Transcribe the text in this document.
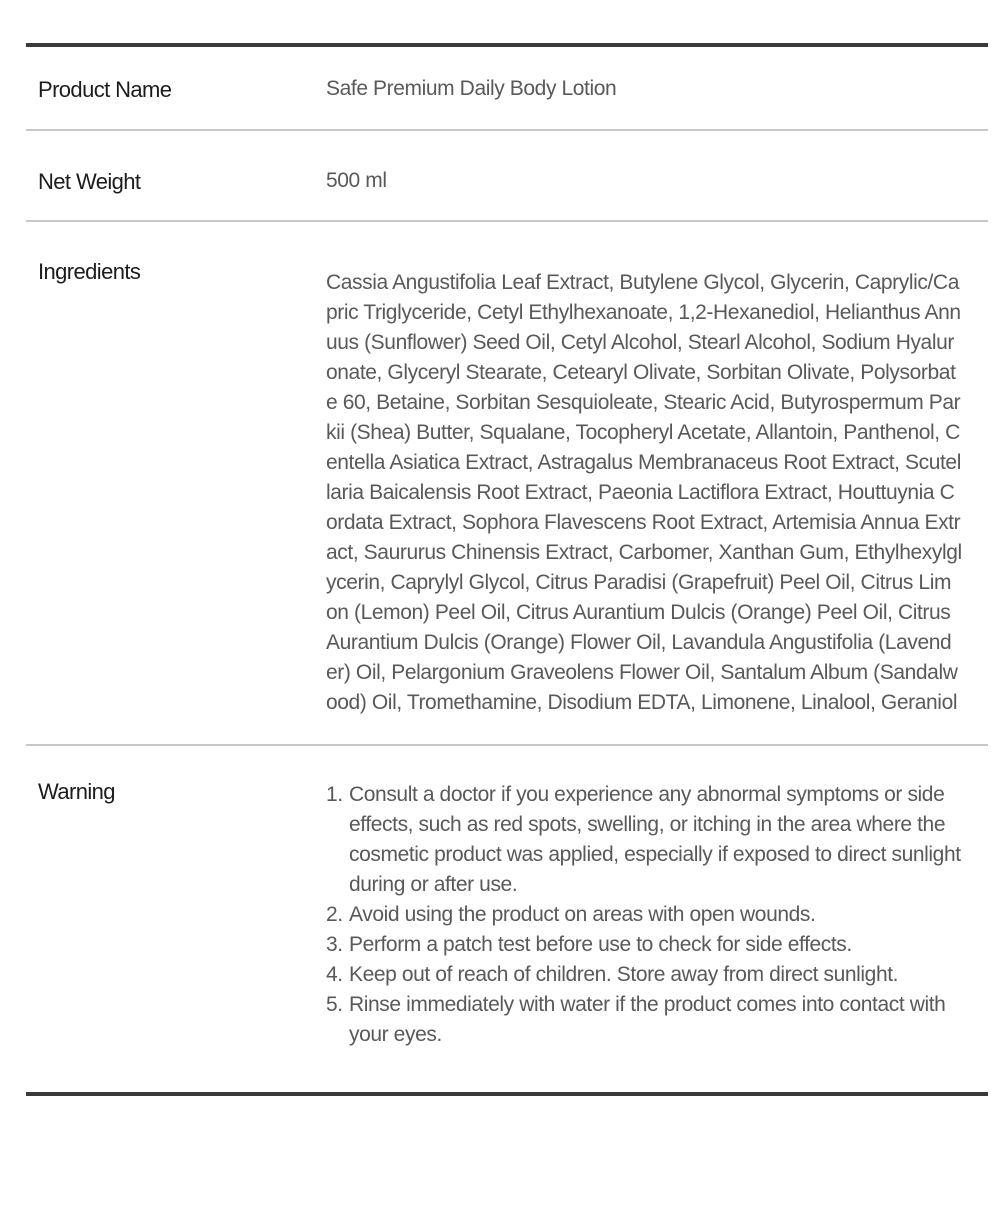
Product Name	Safe Premium Daily Body Lotion
Net Weight	500 ml
Ingredients	Cassia Angustifolia Leaf Extract, Butylene Glycol, Glycerin, Caprylic/Capric Triglyceride, Cetyl Ethylhexanoate, 1,2-Hexanediol, Helianthus Annuus (Sunflower) Seed Oil, Cetyl Alcohol, Stearl Alcohol, Sodium Hyaluronate, Glyceryl Stearate, Cetearyl Olivate, Sorbitan Olivate, Polysorbate 60, Betaine, Sorbitan Sesquioleate, Stearic Acid, Butyrospermum Parkii (Shea) Butter, Squalane, Tocopheryl Acetate, Allantoin, Panthenol, Centella Asiatica Extract, Astragalus Membranaceus Root Extract, Scutellaria Baicalensis Root Extract, Paeonia Lactiflora Extract, Houttuynia Cordata Extract, Sophora Flavescens Root Extract, Artemisia Annua Extract, Saururus Chinensis Extract, Carbomer, Xanthan Gum, Ethylhexylglycerin, Caprylyl Glycol, Citrus Paradisi (Grapefruit) Peel Oil, Citrus Limon (Lemon) Peel Oil, Citrus Aurantium Dulcis (Orange) Peel Oil, Citrus Aurantium Dulcis (Orange) Flower Oil, Lavandula Angustifolia (Lavender) Oil, Pelargonium Graveolens Flower Oil, Santalum Album (Sandalwood) Oil, Tromethamine, Disodium EDTA, Limonene, Linalool, Geraniol
Warning	1. Consult a doctor if you experience any abnormal symptoms or side effects, such as red spots, swelling, or itching in the area where the cosmetic product was applied, especially if exposed to direct sunlight during or after use.
2. Avoid using the product on areas with open wounds.
3. Perform a patch test before use to check for side effects.
4. Keep out of reach of children. Store away from direct sunlight.
5. Rinse immediately with water if the product comes into contact with your eyes.
